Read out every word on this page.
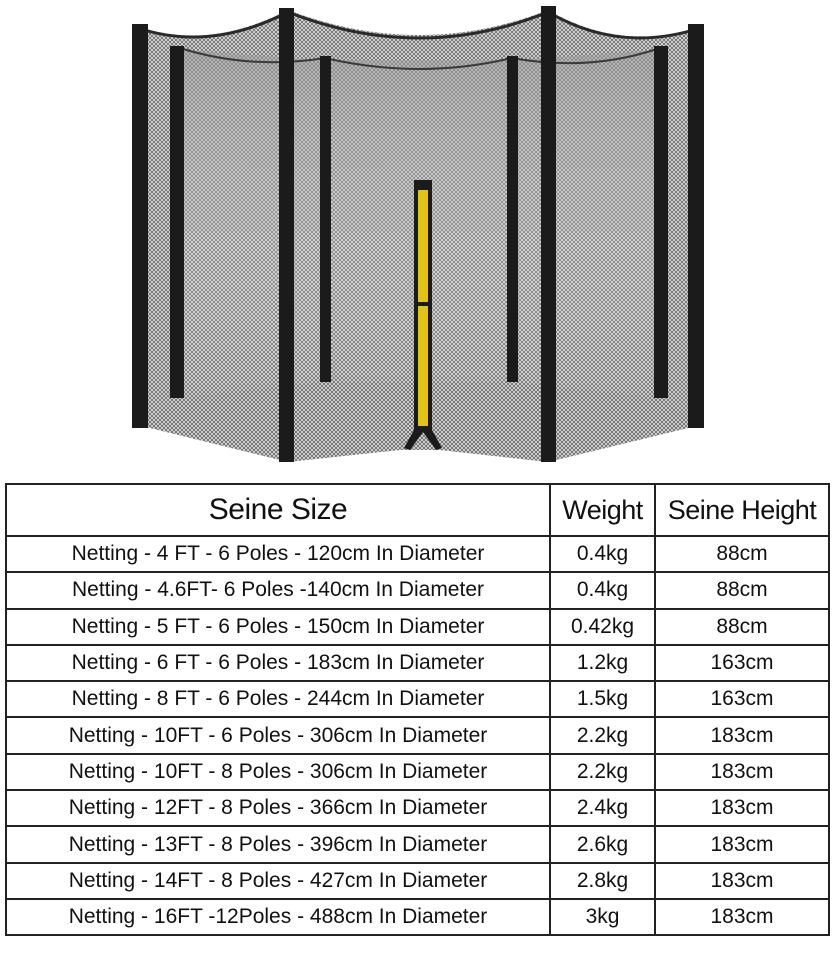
Seine Size	Weight	Seine Height
Netting - 4 FT - 6 Poles - 120cm In Diameter	0.4kg	88cm
Netting - 4.6FT- 6 Poles -140cm In Diameter	0.4kg	88cm
Netting - 5 FT - 6 Poles - 150cm In Diameter	0.42kg	88cm
Netting - 6 FT - 6 Poles - 183cm In Diameter	1.2kg	163cm
Netting - 8 FT - 6 Poles - 244cm In Diameter	1.5kg	163cm
Netting - 10FT - 6 Poles - 306cm In Diameter	2.2kg	183cm
Netting - 10FT - 8 Poles - 306cm In Diameter	2.2kg	183cm
Netting - 12FT - 8 Poles - 366cm In Diameter	2.4kg	183cm
Netting - 13FT - 8 Poles - 396cm In Diameter	2.6kg	183cm
Netting - 14FT - 8 Poles - 427cm In Diameter	2.8kg	183cm
Netting - 16FT -12Poles - 488cm In Diameter	3kg	183cm
